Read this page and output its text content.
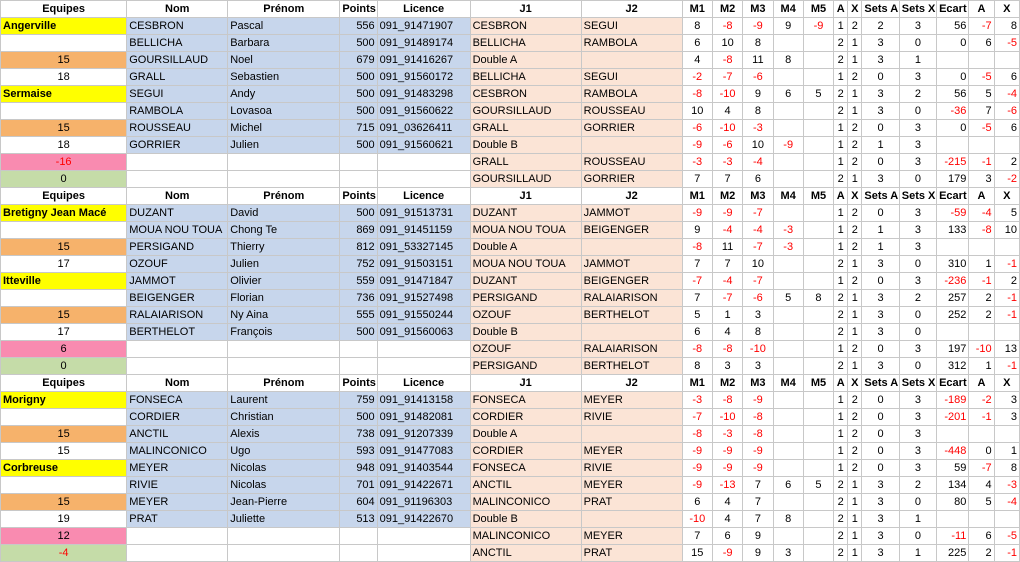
Equipes	Nom	Prénom	Points	Licence	J1	J2	M1	M2	M3	M4	M5	A	X	Sets A	Sets X	Ecart	A	X
Angerville	CESBRON	Pascal	556	091_91471907	CESBRON	SEGUI	8	-8	-9	9	-9	1	2	2	3	56	-7	8
	BELLICHA	Barbara	500	091_91489174	BELLICHA	RAMBOLA	6	10	8			2	1	3	0	0	6	-5
15	GOURSILLAUD	Noel	679	091_91416267	Double A		4	-8	11	8		2	1	3	1			
18	GRALL	Sebastien	500	091_91560172	BELLICHA	SEGUI	-2	-7	-6			1	2	0	3	0	-5	6
Sermaise	SEGUI	Andy	500	091_91483298	CESBRON	RAMBOLA	-8	-10	9	6	5	2	1	3	2	56	5	-4
	RAMBOLA	Lovasoa	500	091_91560622	GOURSILLAUD	ROUSSEAU	10	4	8			2	1	3	0	-36	7	-6
15	ROUSSEAU	Michel	715	091_03626411	GRALL	GORRIER	-6	-10	-3			1	2	0	3	0	-5	6
18	GORRIER	Julien	500	091_91560621	Double B		-9	-6	10	-9		1	2	1	3			
-16					GRALL	ROUSSEAU	-3	-3	-4			1	2	0	3	-215	-1	2
0					GOURSILLAUD	GORRIER	7	7	6			2	1	3	0	179	3	-2
Equipes	Nom	Prénom	Points	Licence	J1	J2	M1	M2	M3	M4	M5	A	X	Sets A	Sets X	Ecart	A	X
Bretigny Jean Macé	DUZANT	David	500	091_91513731	DUZANT	JAMMOT	-9	-9	-7			1	2	0	3	-59	-4	5
	MOUA NOU TOUA	Chong Te	869	091_91451159	MOUA NOU TOUA	BEIGENGER	9	-4	-4	-3		1	2	1	3	133	-8	10
15	PERSIGAND	Thierry	812	091_53327145	Double A		-8	11	-7	-3		1	2	1	3			
17	OZOUF	Julien	752	091_91503151	MOUA NOU TOUA	JAMMOT	7	7	10			2	1	3	0	310	1	-1
Itteville	JAMMOT	Olivier	559	091_91471847	DUZANT	BEIGENGER	-7	-4	-7			1	2	0	3	-236	-1	2
	BEIGENGER	Florian	736	091_91527498	PERSIGAND	RALAIARISON	7	-7	-6	5	8	2	1	3	2	257	2	-1
15	RALAIARISON	Ny Aina	555	091_91550244	OZOUF	BERTHELOT	5	1	3			2	1	3	0	252	2	-1
17	BERTHELOT	François	500	091_91560063	Double B		6	4	8			2	1	3	0			
6					OZOUF	RALAIARISON	-8	-8	-10			1	2	0	3	197	-10	13
0					PERSIGAND	BERTHELOT	8	3	3			2	1	3	0	312	1	-1
Equipes	Nom	Prénom	Points	Licence	J1	J2	M1	M2	M3	M4	M5	A	X	Sets A	Sets X	Ecart	A	X
Morigny	FONSECA	Laurent	759	091_91413158	FONSECA	MEYER	-3	-8	-9			1	2	0	3	-189	-2	3
	CORDIER	Christian	500	091_91482081	CORDIER	RIVIE	-7	-10	-8			1	2	0	3	-201	-1	3
15	ANCTIL	Alexis	738	091_91207339	Double A		-8	-3	-8			1	2	0	3			
15	MALINCONICO	Ugo	593	091_91477083	CORDIER	MEYER	-9	-9	-9			1	2	0	3	-448	0	1
Corbreuse	MEYER	Nicolas	948	091_91403544	FONSECA	RIVIE	-9	-9	-9			1	2	0	3	59	-7	8
	RIVIE	Nicolas	701	091_91422671	ANCTIL	MEYER	-9	-13	7	6	5	2	1	3	2	134	4	-3
15	MEYER	Jean-Pierre	604	091_91196303	MALINCONICO	PRAT	6	4	7			2	1	3	0	80	5	-4
19	PRAT	Juliette	513	091_91422670	Double B		-10	4	7	8		2	1	3	1			
12					MALINCONICO	MEYER	7	6	9			2	1	3	0	-11	6	-5
-4					ANCTIL	PRAT	15	-9	9	3		2	1	3	1	225	2	-1
